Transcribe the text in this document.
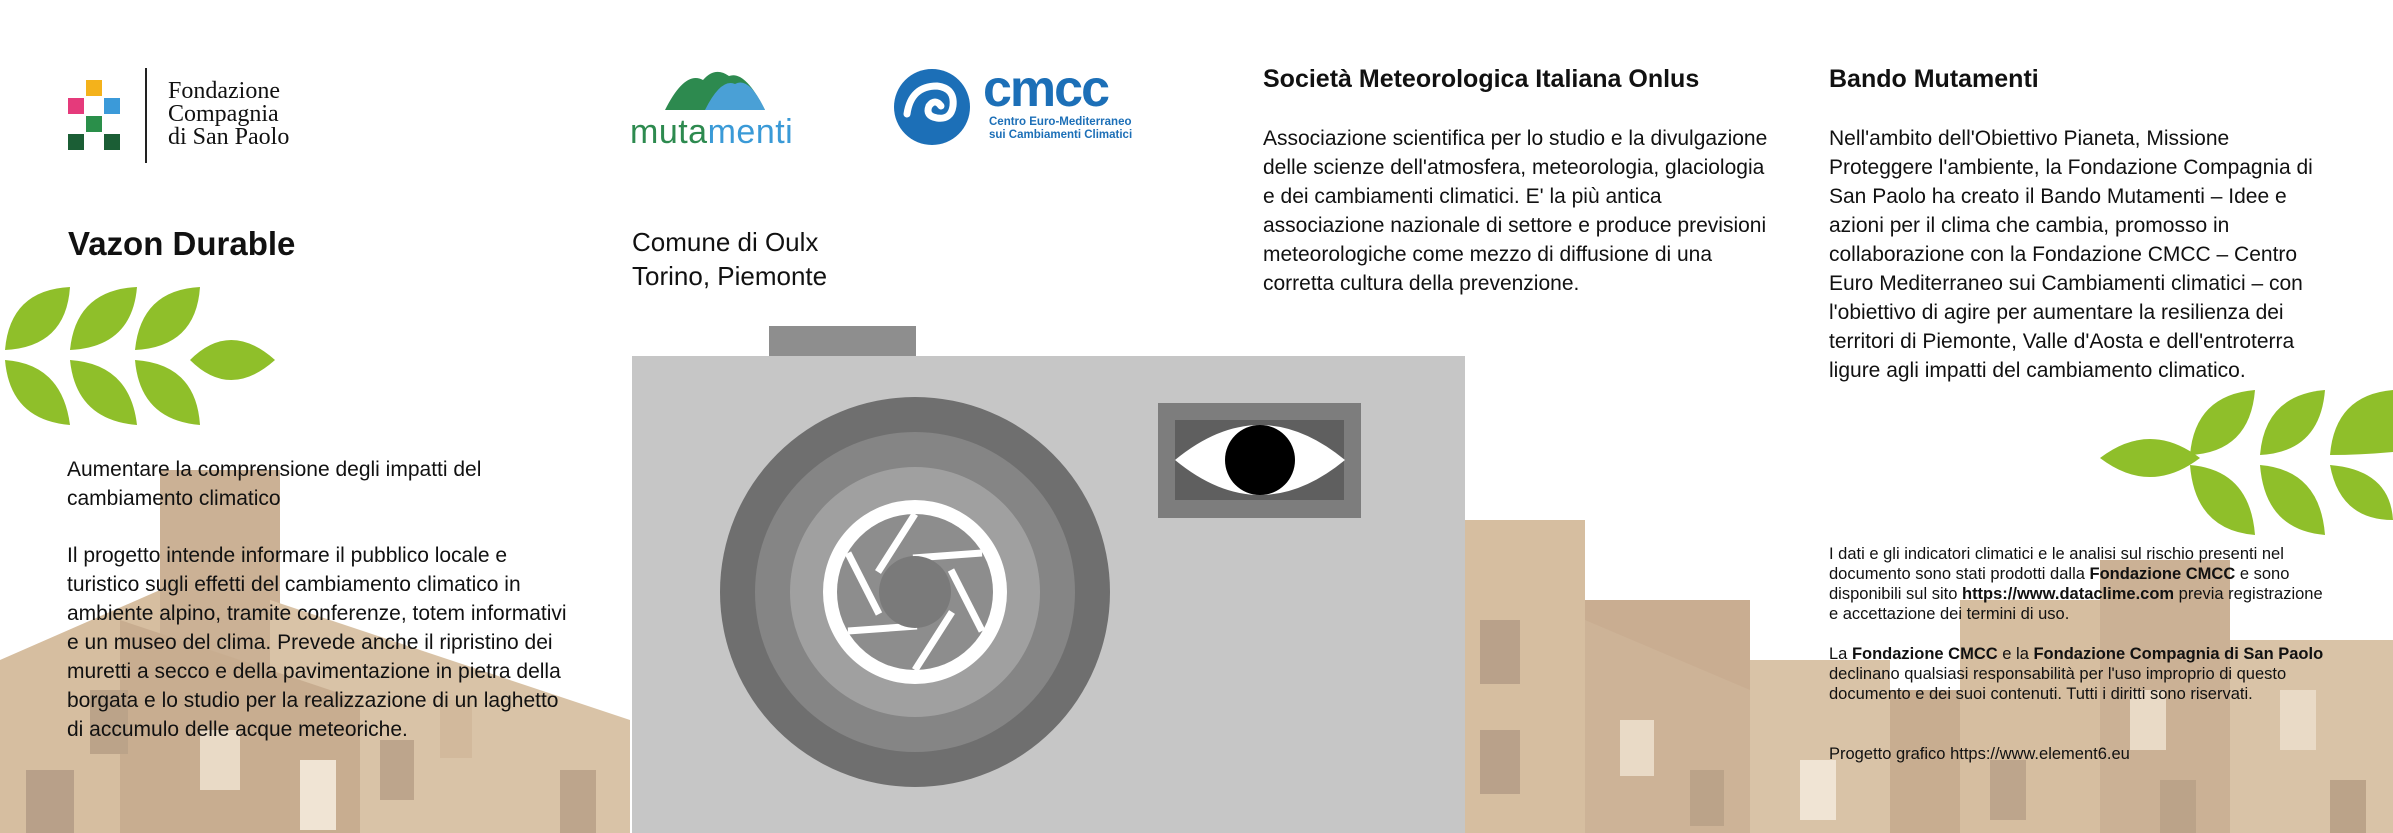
Fondazione
Compagnia
di San Paolo
Vazon Durable
Aumentare la comprensione degli impatti del cambiamento climatico
Il progetto intende informare il pubblico locale e turistico sugli effetti del cambiamento climatico in ambiente alpino, tramite conferenze, totem informativi e un museo del clima. Prevede anche il ripristino dei muretti a secco e della pavimentazione in pietra della borgata e lo studio per la realizzazione di un laghetto di accumulo delle acque meteoriche.
mutamenti
cmcc
Centro Euro-Mediterraneo
sui Cambiamenti Climatici
Comune di Oulx
Torino, Piemonte
Società Meteorologica Italiana Onlus
Associazione scientifica per lo studio e la divulgazione delle scienze dell'atmosfera, meteorologia, glaciologia e dei cambiamenti climatici. E' la più antica associazione nazionale di settore e produce previsioni meteorologiche come mezzo di diffusione di una corretta cultura della prevenzione.
Bando Mutamenti
Nell'ambito dell'Obiettivo Pianeta, Missione Proteggere l'ambiente, la Fondazione Compagnia di San Paolo ha creato il Bando Mutamenti – Idee e azioni per il clima che cambia, promosso in collaborazione con la Fondazione CMCC – Centro Euro Mediterraneo sui Cambiamenti climatici – con l'obiettivo di agire per aumentare la resilienza dei territori di Piemonte, Valle d'Aosta e dell'entroterra ligure agli impatti del cambiamento climatico.
I dati e gli indicatori climatici e le analisi sul rischio presenti nel documento sono stati prodotti dalla Fondazione CMCC e sono disponibili sul sito https://www.dataclime.com previa registrazione e accettazione dei termini di uso.
La Fondazione CMCC e la Fondazione Compagnia di San Paolo declinano qualsiasi responsabilità per l'uso improprio di questo documento e dei suoi contenuti. Tutti i diritti sono riservati.
Progetto grafico https://www.element6.eu
